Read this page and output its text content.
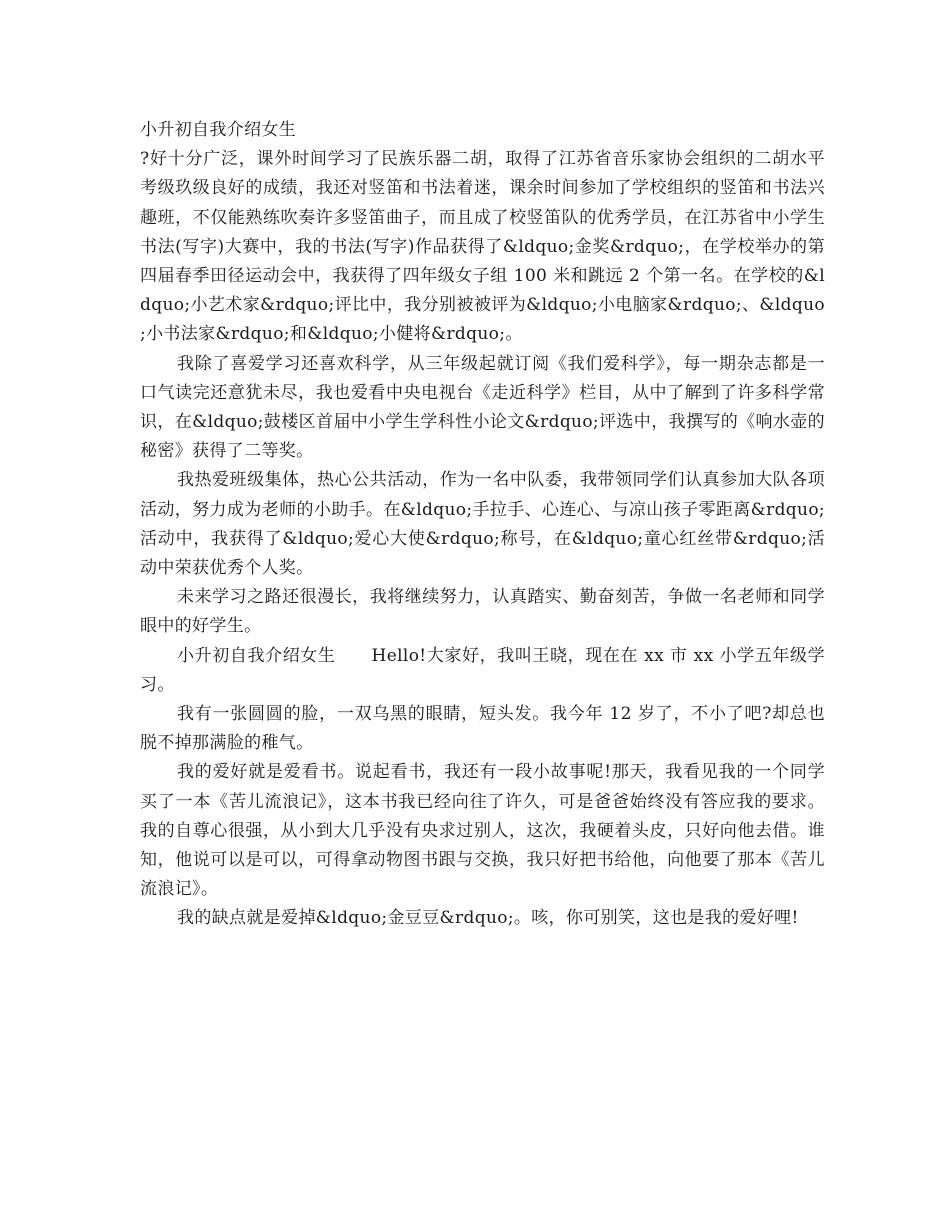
小升初自我介绍女生

?好十分广泛，课外时间学习了民族乐器二胡，取得了江苏省音乐家协会组织的二胡水平考级玖级良好的成绩，我还对竖笛和书法着迷，课余时间参加了学校组织的竖笛和书法兴趣班，不仅能熟练吹奏许多竖笛曲子，而且成了校竖笛队的优秀学员，在江苏省中小学生书法(写字)大赛中，我的书法(写字)作品获得了&ldquo;金奖&rdquo;，在学校举办的第四届春季田径运动会中，我获得了四年级女子组 100 米和跳远 2 个第一名。在学校的&ldquo;小艺术家&rdquo;评比中，我分别被被评为&ldquo;小电脑家&rdquo;、&ldquo;小书法家&rdquo;和&ldquo;小健将&rdquo;。

我除了喜爱学习还喜欢科学，从三年级起就订阅《我们爱科学》，每一期杂志都是一口气读完还意犹未尽，我也爱看中央电视台《走近科学》栏目，从中了解到了许多科学常识，在&ldquo;鼓楼区首届中小学生学科性小论文&rdquo;评选中，我撰写的《响水壶的秘密》获得了二等奖。

我热爱班级集体，热心公共活动，作为一名中队委，我带领同学们认真参加大队各项活动，努力成为老师的小助手。在&ldquo;手拉手、心连心、与凉山孩子零距离&rdquo;活动中，我获得了&ldquo;爱心大使&rdquo;称号，在&ldquo;童心红丝带&rdquo;活动中荣获优秀个人奖。

未来学习之路还很漫长，我将继续努力，认真踏实、勤奋刻苦，争做一名老师和同学眼中的好学生。

小升初自我介绍女生 Hello!大家好，我叫王晓，现在在 xx 市 xx 小学五年级学习。

我有一张圆圆的脸，一双乌黑的眼睛，短头发。我今年 12 岁了，不小了吧?却总也脱不掉那满脸的稚气。

我的爱好就是爱看书。说起看书，我还有一段小故事呢!那天，我看见我的一个同学买了一本《苦儿流浪记》，这本书我已经向往了许久，可是爸爸始终没有答应我的要求。我的自尊心很强，从小到大几乎没有央求过别人，这次，我硬着头皮，只好向他去借。谁知，他说可以是可以，可得拿动物图书跟与交换，我只好把书给他，向他要了那本《苦儿流浪记》。

我的缺点就是爱掉&ldquo;金豆豆&rdquo;。咳，你可别笑，这也是我的爱好哩!
